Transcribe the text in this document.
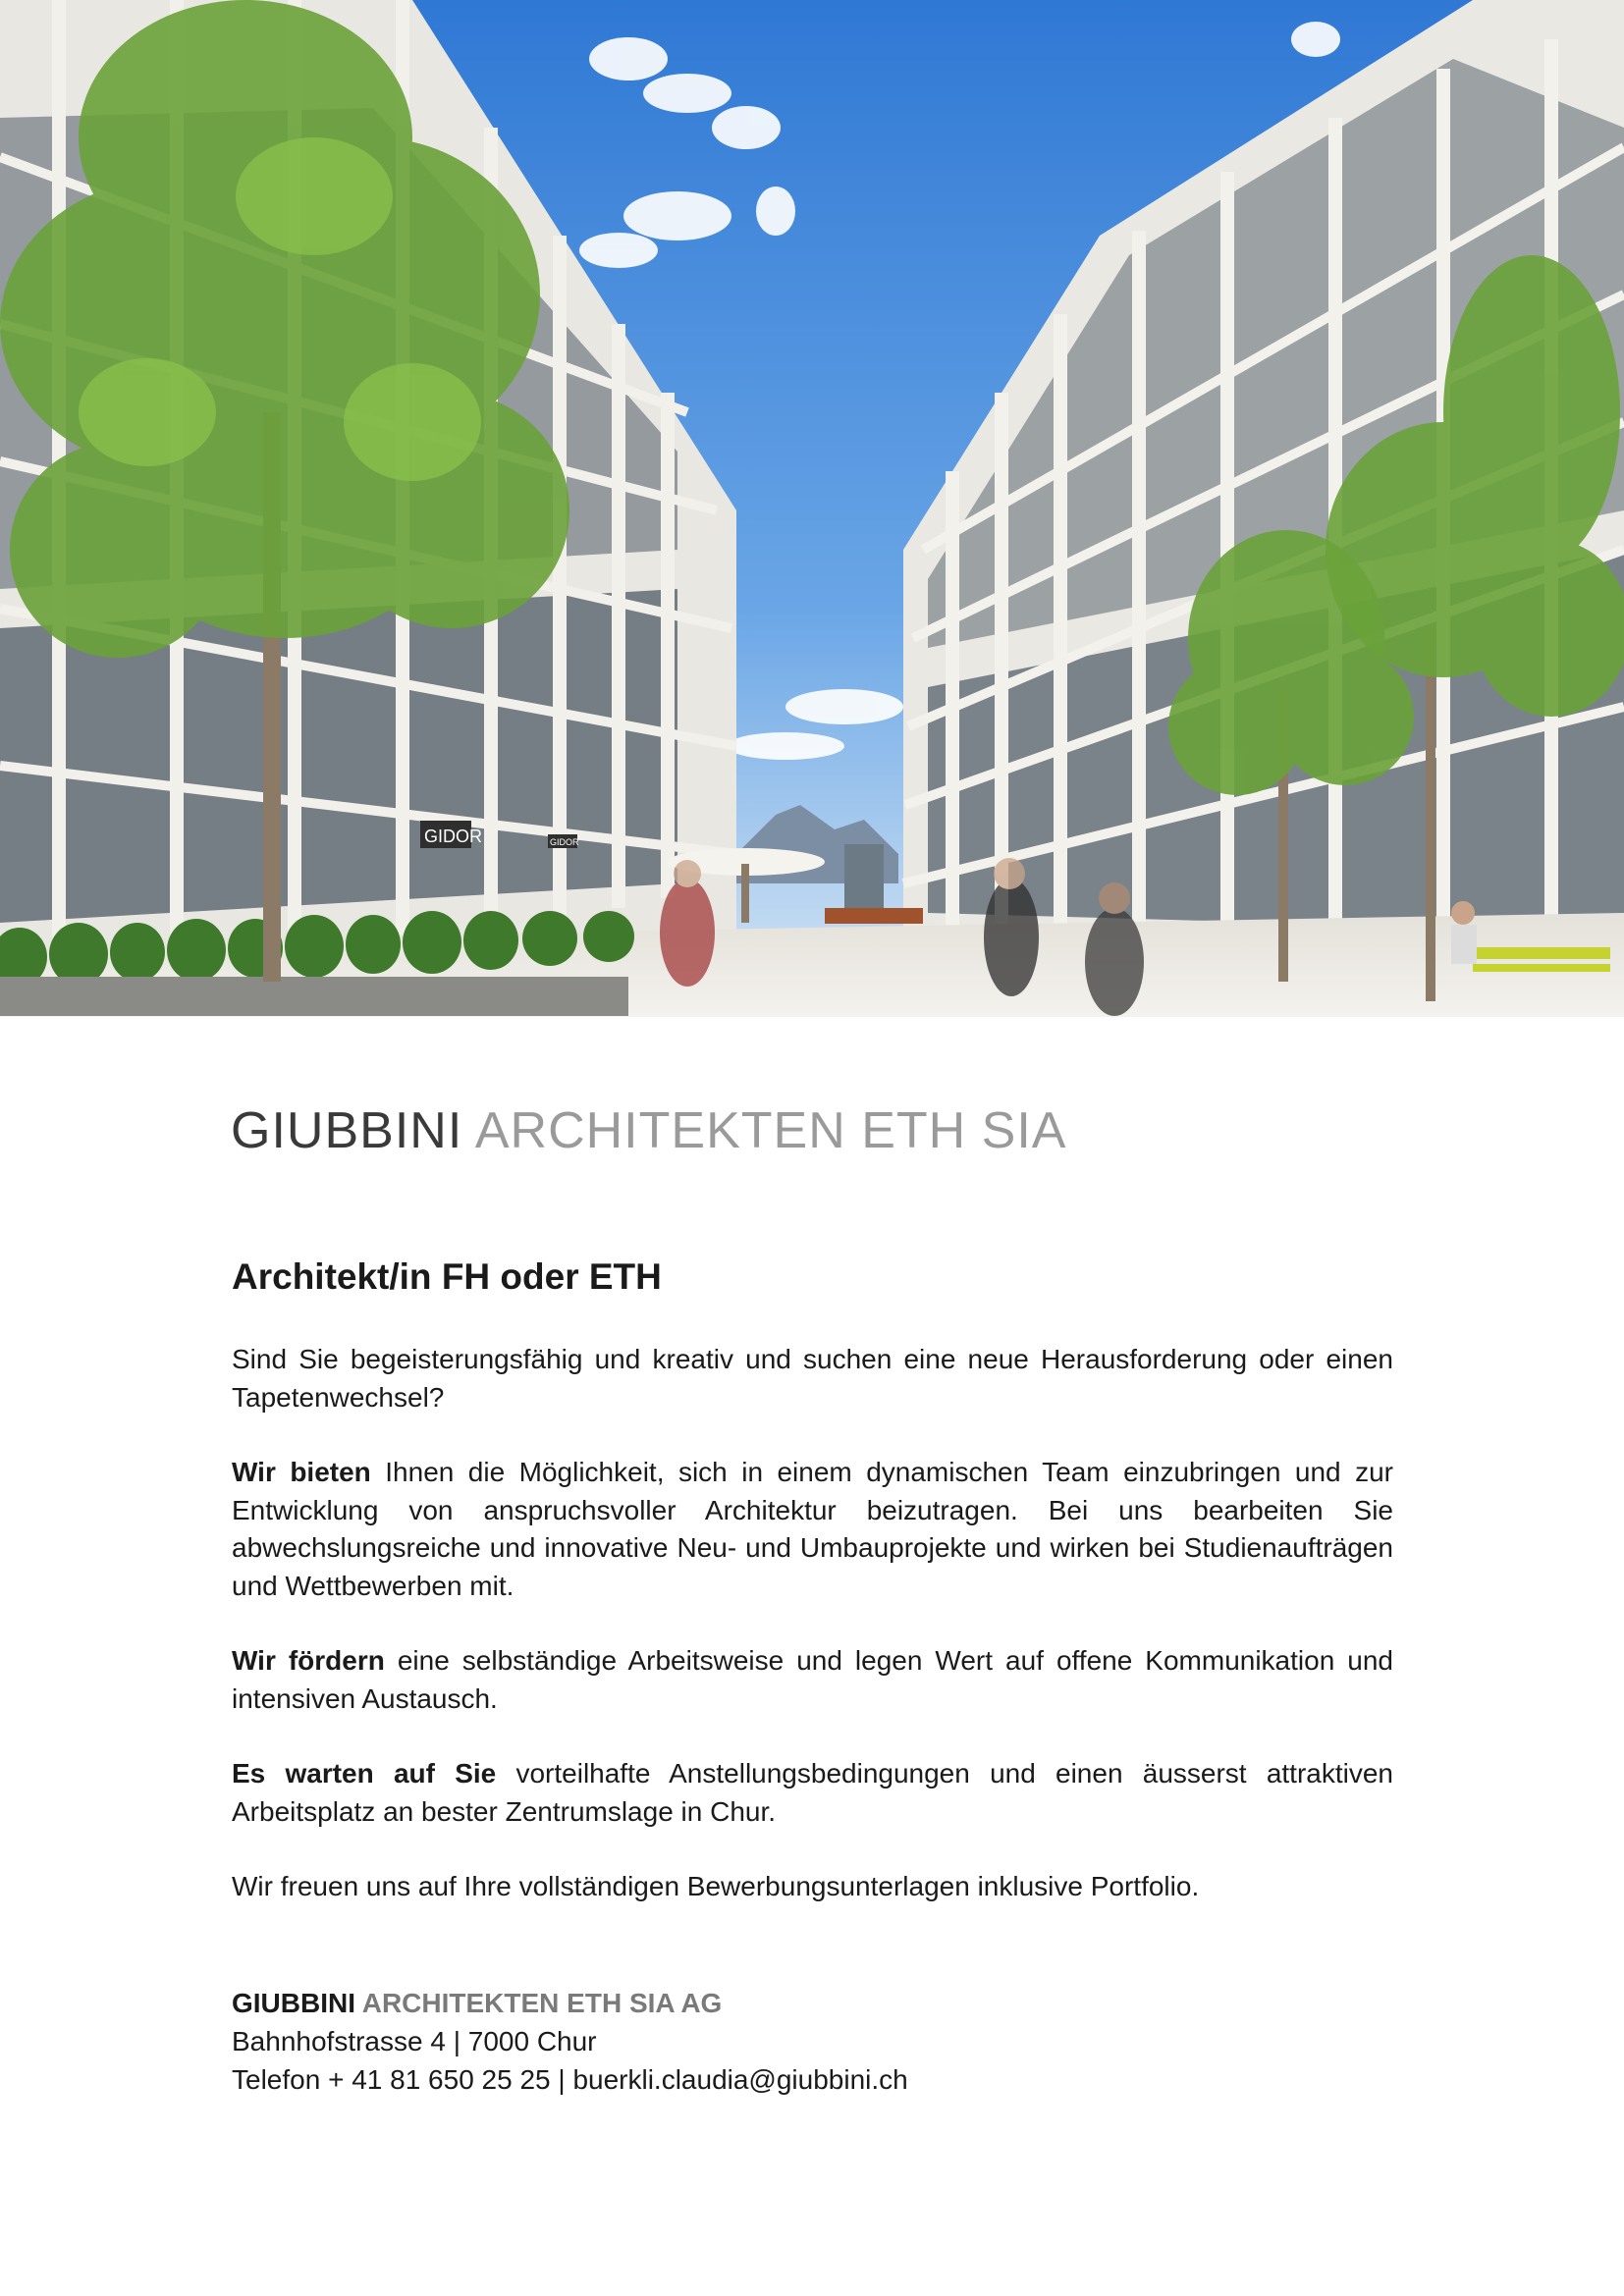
GIDOR	GIDOR
GIUBBINI ARCHITEKTEN ETH SIA
Architekt/in FH oder ETH

Sind Sie begeisterungsfähig und kreativ und suchen eine neue Herausforderung oder einen Tapetenwechsel?

Wir bieten Ihnen die Möglichkeit, sich in einem dynamischen Team einzubringen und zur Entwicklung von anspruchsvoller Architektur beizutragen. Bei uns bearbeiten Sie abwechslungsreiche und innovative Neu- und Umbauprojekte und wirken bei Studienaufträgen und Wettbewerben mit.

Wir fördern eine selbständige Arbeitsweise und legen Wert auf offene Kommunikation und intensiven Austausch.

Es warten auf Sie vorteilhafte Anstellungsbedingungen und einen äusserst attraktiven Arbeitsplatz an bester Zentrumslage in Chur.

Wir freuen uns auf Ihre vollständigen Bewerbungsunterlagen inklusive Portfolio.

GIUBBINI ARCHITEKTEN ETH SIA AG
Bahnhofstrasse 4 | 7000 Chur
Telefon + 41 81 650 25 25 | buerkli.claudia@giubbini.ch
